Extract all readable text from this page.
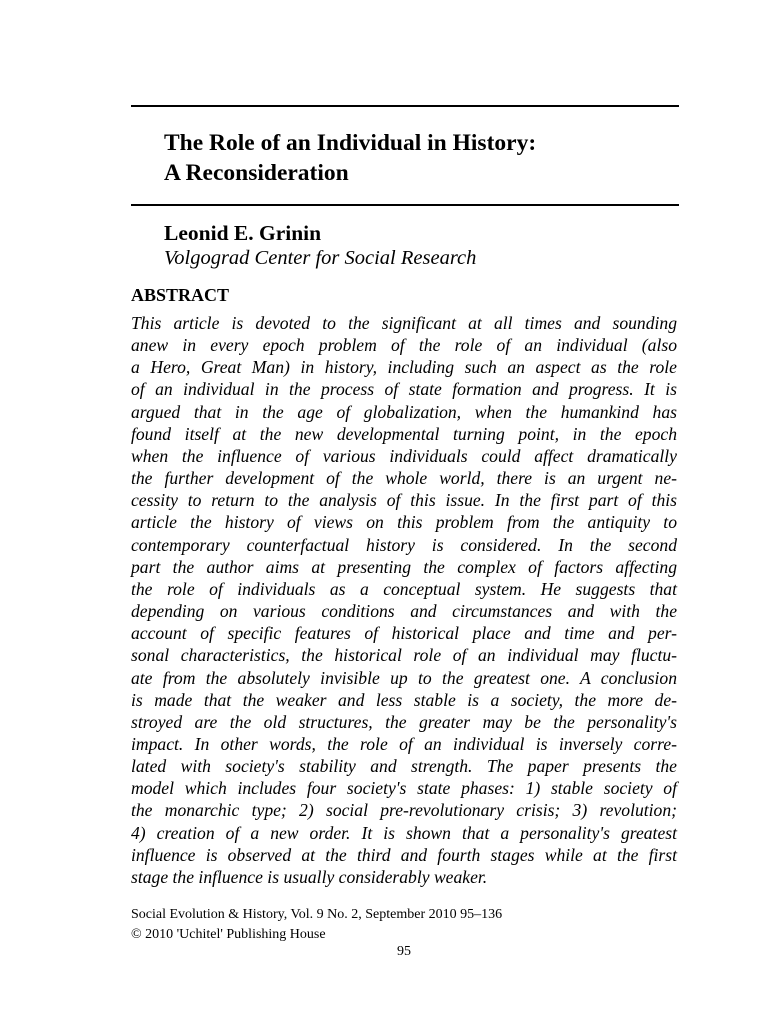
The Role of an Individual in History:
A Reconsideration
Leonid E. Grinin
Volgograd Center for Social Research
ABSTRACT
This article is devoted to the significant at all times and sounding
anew in every epoch problem of the role of an individual (also
a Hero, Great Man) in history, including such an aspect as the role
of an individual in the process of state formation and progress. It is
argued that in the age of globalization, when the humankind has
found itself at the new developmental turning point, in the epoch
when the influence of various individuals could affect dramatically
the further development of the whole world, there is an urgent ne-
cessity to return to the analysis of this issue. In the first part of this
article the history of views on this problem from the antiquity to
contemporary counterfactual history is considered. In the second
part the author aims at presenting the complex of factors affecting
the role of individuals as a conceptual system. He suggests that
depending on various conditions and circumstances and with the
account of specific features of historical place and time and per-
sonal characteristics, the historical role of an individual may fluctu-
ate from the absolutely invisible up to the greatest one. A conclusion
is made that the weaker and less stable is a society, the more de-
stroyed are the old structures, the greater may be the personality's
impact. In other words, the role of an individual is inversely corre-
lated with society's stability and strength. The paper presents the
model which includes four society's state phases: 1) stable society of
the monarchic type; 2) social pre-revolutionary crisis; 3) revolution;
4) creation of a new order. It is shown that a personality's greatest
influence is observed at the third and fourth stages while at the first
stage the influence is usually considerably weaker.
Social Evolution & History, Vol. 9 No. 2, September 2010 95–136
© 2010 'Uchitel' Publishing House
95
